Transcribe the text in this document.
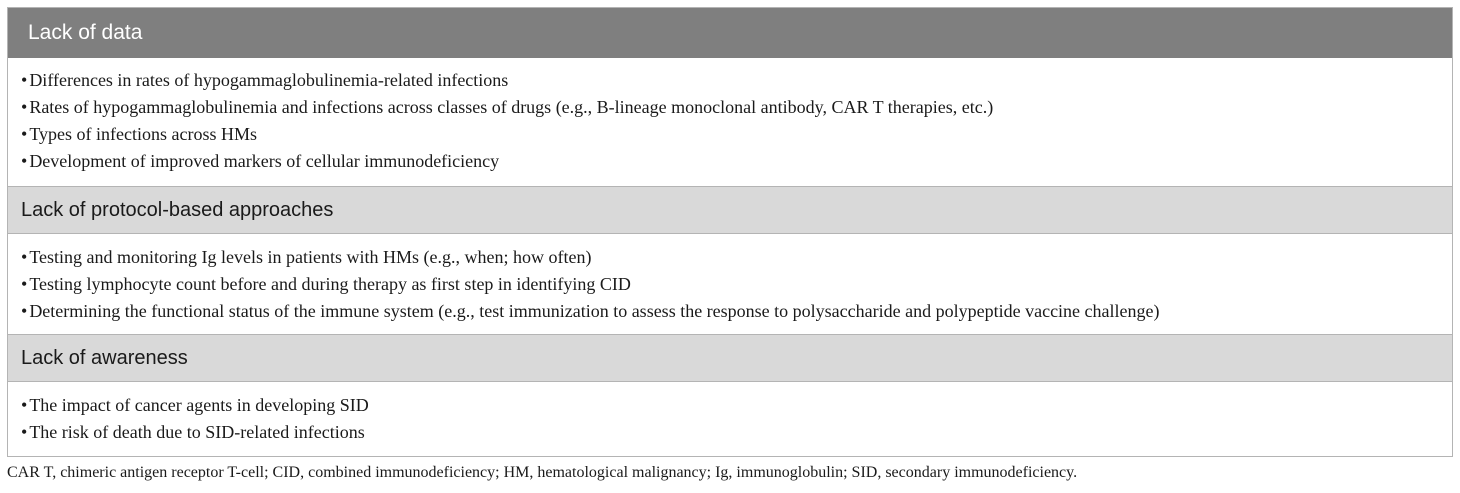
Lack of data
• Differences in rates of hypogammaglobulinemia-related infections
• Rates of hypogammaglobulinemia and infections across classes of drugs (e.g., B-lineage monoclonal antibody, CAR T therapies, etc.)
• Types of infections across HMs
• Development of improved markers of cellular immunodeficiency
Lack of protocol-based approaches
• Testing and monitoring Ig levels in patients with HMs (e.g., when; how often)
• Testing lymphocyte count before and during therapy as first step in identifying CID
• Determining the functional status of the immune system (e.g., test immunization to assess the response to polysaccharide and polypeptide vaccine challenge)
Lack of awareness
• The impact of cancer agents in developing SID
• The risk of death due to SID-related infections
CAR T, chimeric antigen receptor T-cell; CID, combined immunodeficiency; HM, hematological malignancy; Ig, immunoglobulin; SID, secondary immunodeficiency.
